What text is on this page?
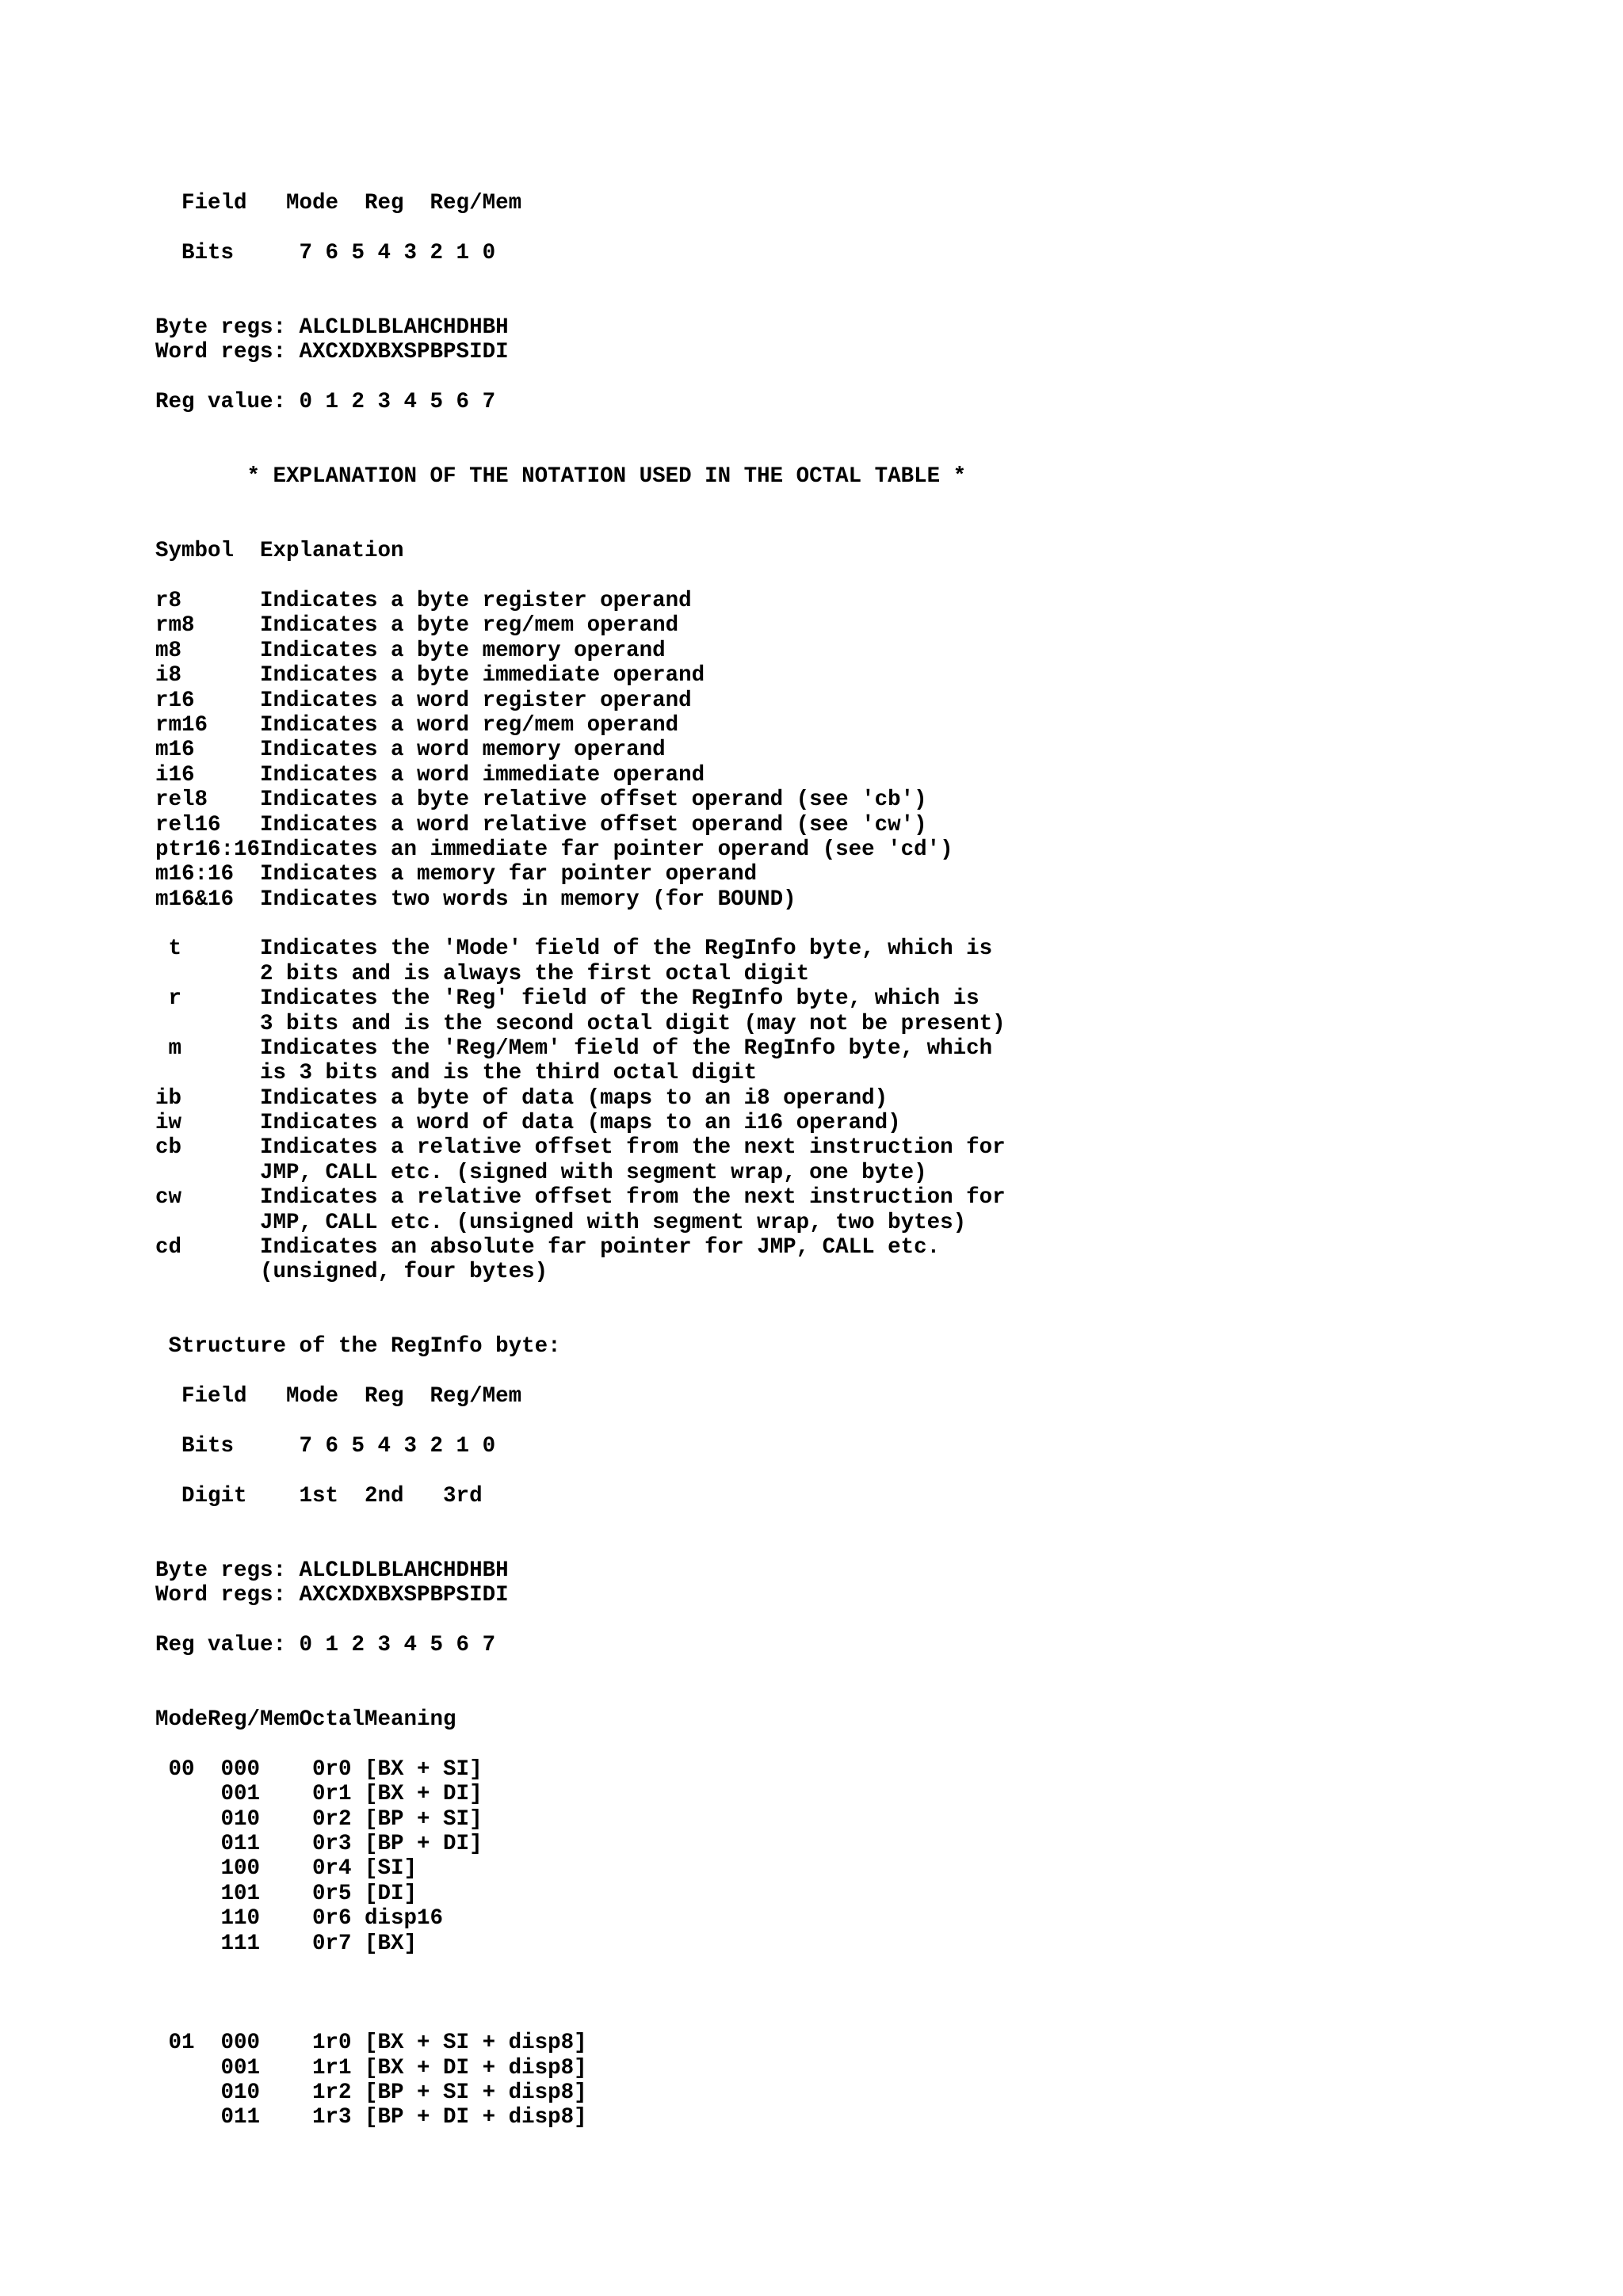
Field   Mode  Reg  Reg/Mem

Bits     7 6 5 4 3 2 1 0

Byte regs: ALCLDLBLAHCHDHBH

Word regs: AXCXDXBXSPBPSIDI

Reg value: 0 1 2 3 4 5 6 7

* EXPLANATION OF THE NOTATION USED IN THE OCTAL TABLE *

Symbol  Explanation

r8      Indicates a byte register operand

rm8     Indicates a byte reg/mem operand

m8      Indicates a byte memory operand

i8      Indicates a byte immediate operand

r16     Indicates a word register operand

rm16    Indicates a word reg/mem operand

m16     Indicates a word memory operand

i16     Indicates a word immediate operand

rel8    Indicates a byte relative offset operand (see 'cb')

rel16   Indicates a word relative offset operand (see 'cw')

ptr16:16Indicates an immediate far pointer operand (see 'cd')

m16:16  Indicates a memory far pointer operand

m16&16  Indicates two words in memory (for BOUND)

t      Indicates the 'Mode' field of the RegInfo byte, which is

2 bits and is always the first octal digit

r      Indicates the 'Reg' field of the RegInfo byte, which is

3 bits and is the second octal digit (may not be present)

m      Indicates the 'Reg/Mem' field of the RegInfo byte, which

is 3 bits and is the third octal digit

ib      Indicates a byte of data (maps to an i8 operand)

iw      Indicates a word of data (maps to an i16 operand)

cb      Indicates a relative offset from the next instruction for

JMP, CALL etc. (signed with segment wrap, one byte)

cw      Indicates a relative offset from the next instruction for

JMP, CALL etc. (unsigned with segment wrap, two bytes)

cd      Indicates an absolute far pointer for JMP, CALL etc.

(unsigned, four bytes)

Structure of the RegInfo byte:

Field   Mode  Reg  Reg/Mem

Bits     7 6 5 4 3 2 1 0

Digit    1st  2nd   3rd

Byte regs: ALCLDLBLAHCHDHBH

Word regs: AXCXDXBXSPBPSIDI

Reg value: 0 1 2 3 4 5 6 7

ModeReg/MemOctalMeaning

00  000    0r0 [BX + SI]

001    0r1 [BX + DI]

010    0r2 [BP + SI]

011    0r3 [BP + DI]

100    0r4 [SI]

101    0r5 [DI]

110    0r6 disp16

111    0r7 [BX]

01  000    1r0 [BX + SI + disp8]

001    1r1 [BX + DI + disp8]

010    1r2 [BP + SI + disp8]

011    1r3 [BP + DI + disp8]
